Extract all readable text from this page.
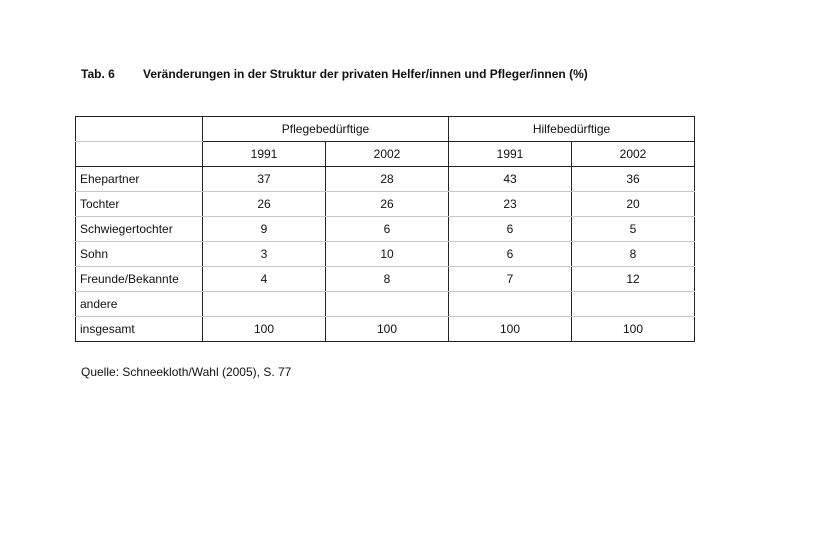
Tab. 6 Veränderungen in der Struktur der privaten Helfer/innen und Pfleger/innen (%)
	Pflegebedürftige		Hilfebedürftige	
	1991	2002	1991	2002
Ehepartner	37	28	43	36
Tochter	26	26	23	20
Schwiegertochter	9	6	6	5
Sohn	3	10	6	8
Freunde/Bekannte	4	8	7	12
andere				
insgesamt	100	100	100	100
Quelle: Schneekloth/Wahl (2005), S. 77
